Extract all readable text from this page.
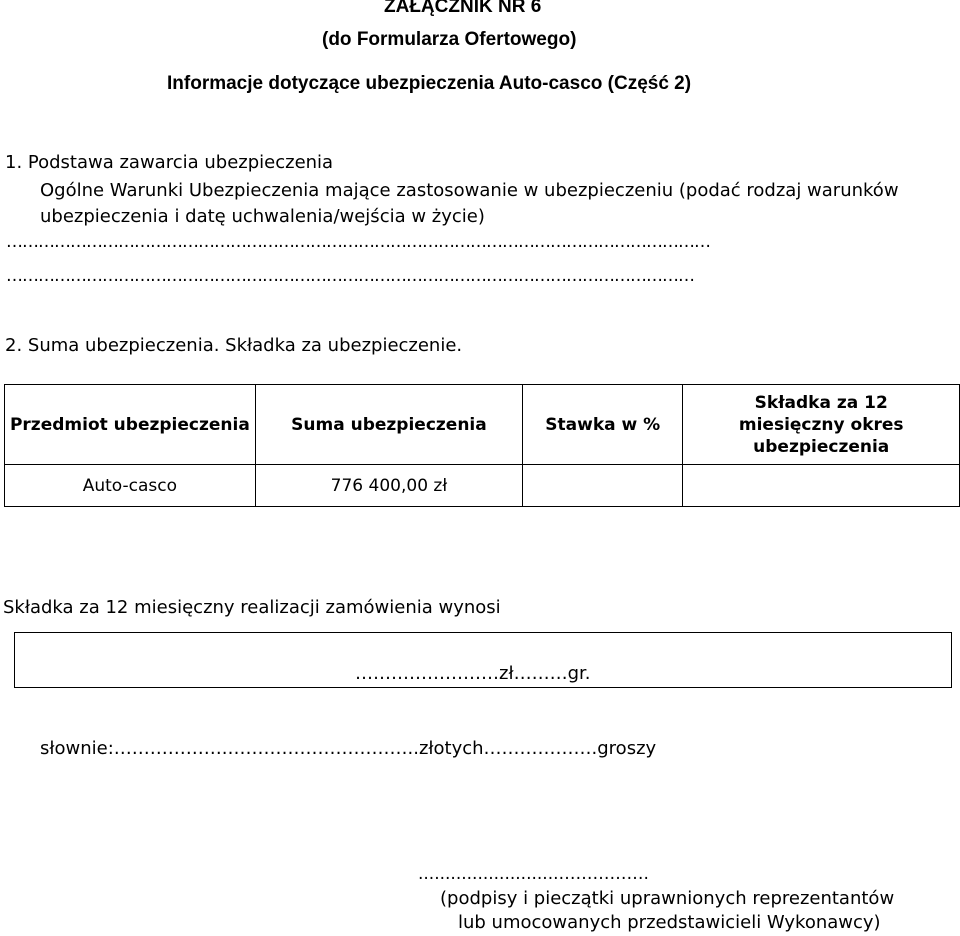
ZAŁĄCZNIK NR 6
(do Formularza Ofertowego)
Informacje dotyczące ubezpieczenia Auto-casco (Część 2)
1. Podstawa zawarcia ubezpieczenia
Ogólne Warunki Ubezpieczenia mające zastosowanie w ubezpieczeniu (podać rodzaj warunków
ubezpieczenia i datę uchwalenia/wejścia w życie)
……………………………………………………………………………………………………………………
…………………………………………………………………………………………………………………
2. Suma ubezpieczenia. Składka za ubezpieczenie.
Przedmiot ubezpieczenia	Suma ubezpieczenia	Stawka w %	Składka za 12 miesięczny okres ubezpieczenia
Auto-casco	776 400,00 zł		
Składka za 12 miesięczny realizacji zamówienia wynosi
……………………zł………gr.
słownie:……………….…………………………..złotych……………….groszy
..........................…………….
(podpisy i pieczątki uprawnionych reprezentantów
lub umocowanych przedstawicieli Wykonawcy)
